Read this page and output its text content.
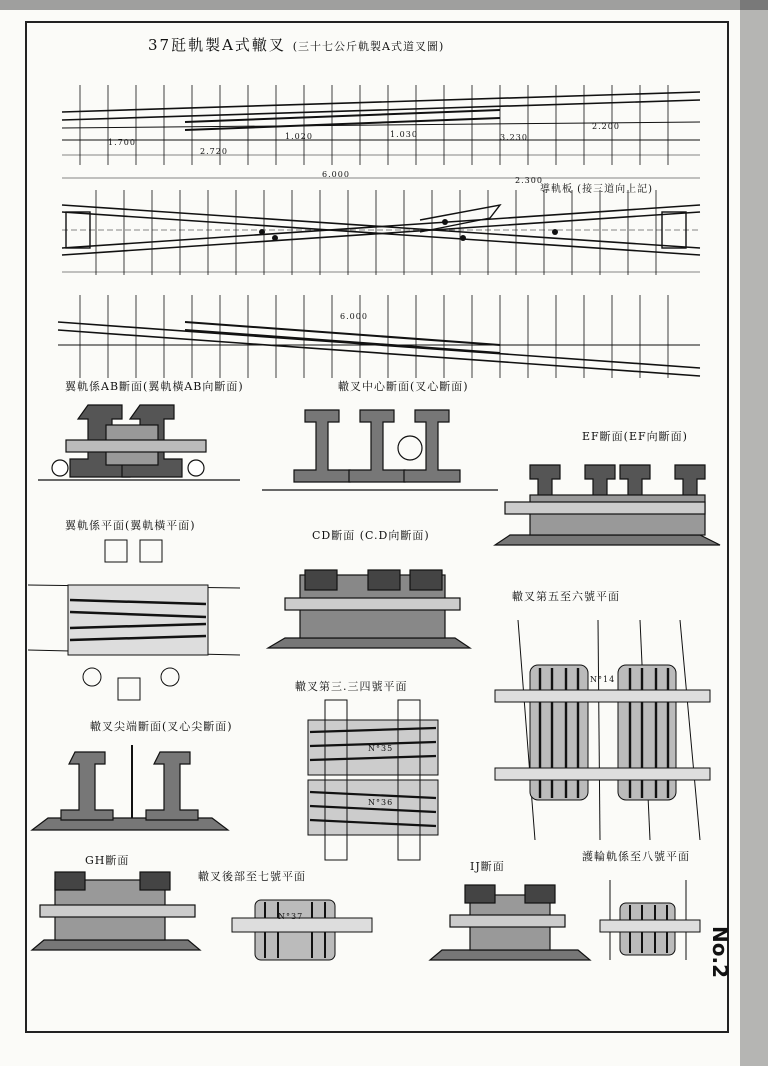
37瓩軌製A式轍叉 (三十七公斤軌製A式道叉圖)
1.700
2.720
1.020	1.030	3.230
2.200
6.000
2.300
6.000
導軌板 (接三道向上記)
翼軌係AB斷面(翼軌橫AB向斷面)	轍叉中心斷面(叉心斷面)
EF斷面(EF向斷面)
翼軌係平面(翼軌橫平面)
CD斷面 (C.D向斷面)
轍叉第五至六號平面
轍叉第三.三四號平面
轍叉尖端斷面(叉心尖斷面)
GH斷面
轍叉後部至七號平面
IJ斷面
護輪軌係至八號平面
N°35
N°36
N°37
N°14
No.2
